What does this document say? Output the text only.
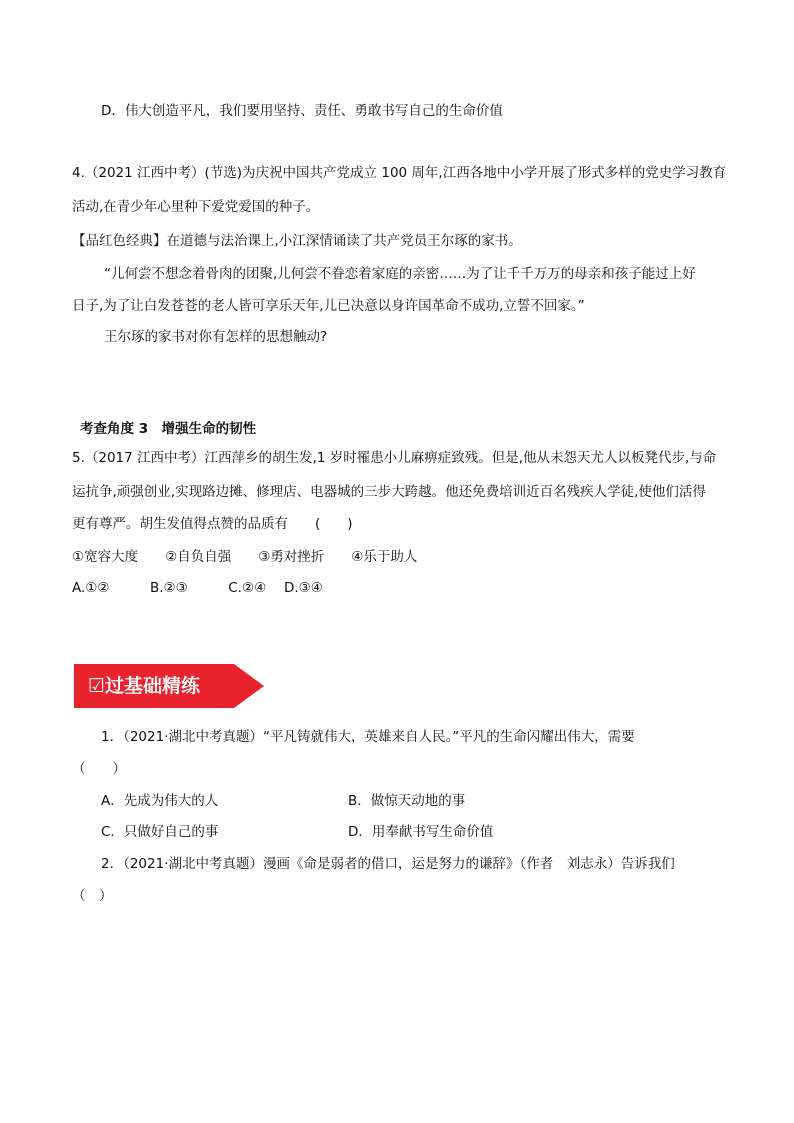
D．伟大创造平凡，我们要用坚持、责任、勇敢书写自己的生命价值
4.（2021 江西中考）(节选)为庆祝中国共产党成立 100 周年,江西各地中小学开展了形式多样的党史学习教育
活动,在青少年心里种下爱党爱国的种子。
【品红色经典】在道德与法治课上,小江深情诵读了共产党员王尔琢的家书。
“儿何尝不想念着骨肉的团聚,儿何尝不眷恋着家庭的亲密……为了让千千万万的母亲和孩子能过上好
日子,为了让白发苍苍的老人皆可享乐天年,儿已决意以身许国革命不成功,立誓不回家。”
王尔琢的家书对你有怎样的思想触动?
考查角度 3　增强生命的韧性
5.（2017 江西中考）江西萍乡的胡生发,1 岁时罹患小儿麻痹症致残。但是,他从未怨天尤人以板凳代步,与命
运抗争,顽强创业,实现路边摊、修理店、电器城的三步大跨越。他还免费培训近百名残疾人学徒,使他们活得
更有尊严。胡生发值得点赞的品质有　　(　　)
①宽容大度　　②自负自强　　③勇对挫折　　④乐于助人
A.①②　　　B.②③　　　C.②④　 D.③④
☑过基础精练
1．（2021·湖北中考真题）“平凡铸就伟大，英雄来自人民。”平凡的生命闪耀出伟大，需要
（　　）
A．先成为伟大的人	B．做惊天动地的事
C．只做好自己的事	D．用奉献书写生命价值
2．（2021·湖北中考真题）漫画《命是弱者的借口，运是努力的谦辞》（作者　刘志永）告诉我们
（　）
